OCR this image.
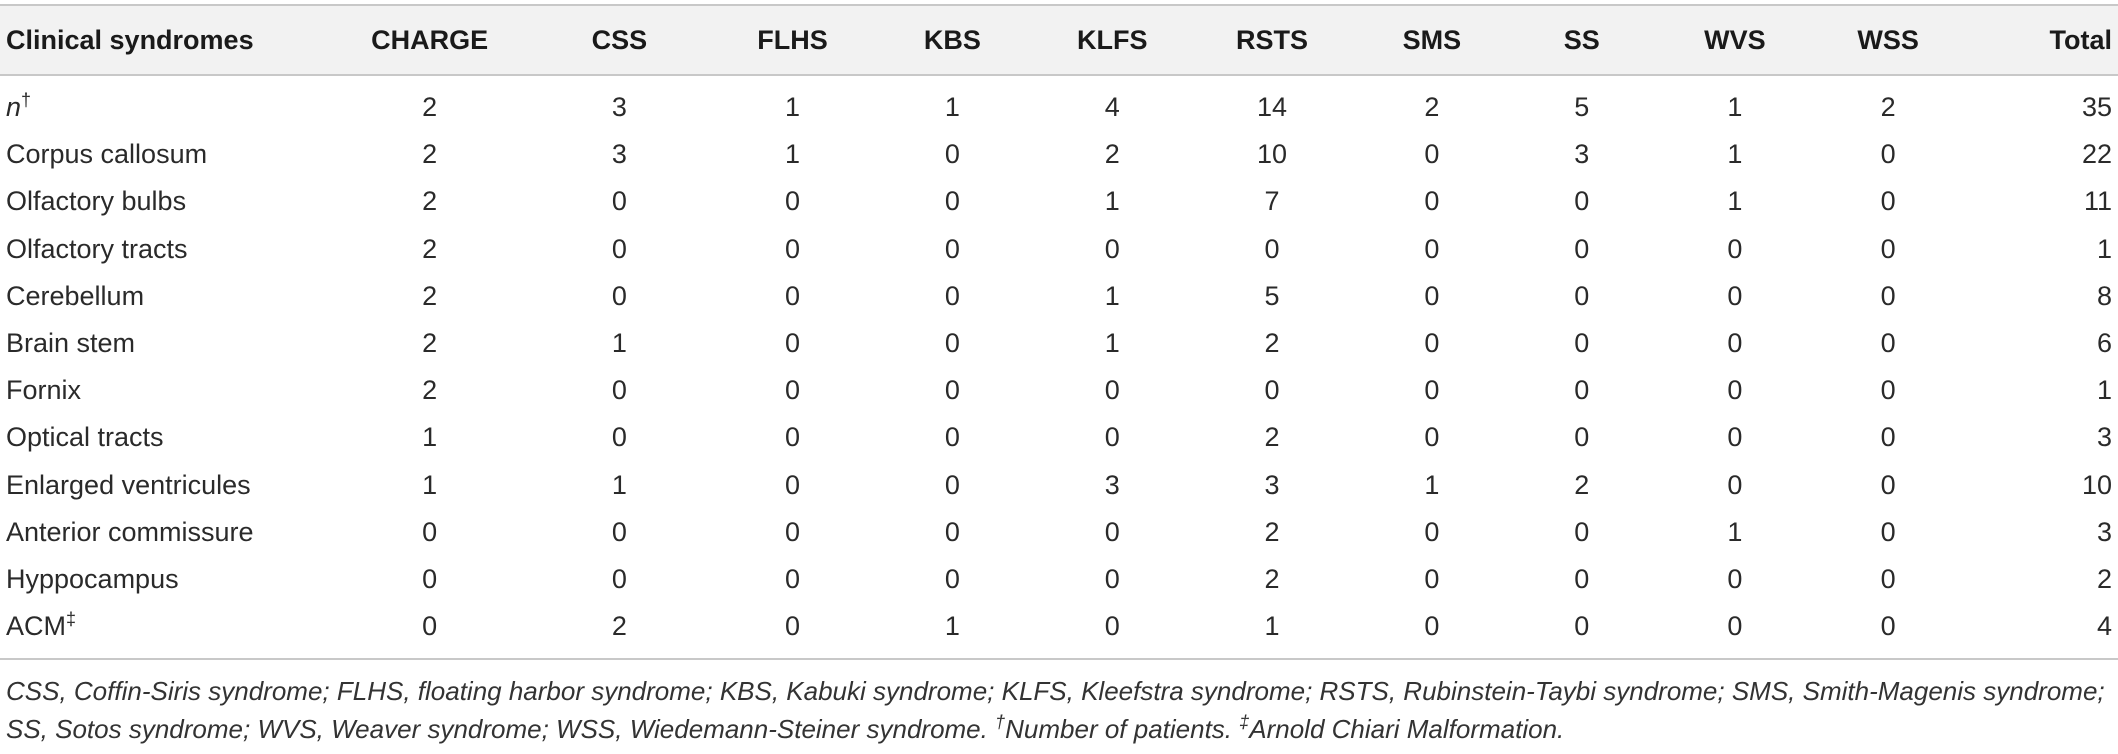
Clinical syndromes	CHARGE	CSS	FLHS	KBS	KLFS	RSTS	SMS	SS	WVS	WSS	Total
n†	2	3	1	1	4	14	2	5	1	2	35
Corpus callosum	2	3	1	0	2	10	0	3	1	0	22
Olfactory bulbs	2	0	0	0	1	7	0	0	1	0	11
Olfactory tracts	2	0	0	0	0	0	0	0	0	0	1
Cerebellum	2	0	0	0	1	5	0	0	0	0	8
Brain stem	2	1	0	0	1	2	0	0	0	0	6
Fornix	2	0	0	0	0	0	0	0	0	0	1
Optical tracts	1	0	0	0	0	2	0	0	0	0	3
Enlarged ventricules	1	1	0	0	3	3	1	2	0	0	10
Anterior commissure	0	0	0	0	0	2	0	0	1	0	3
Hyppocampus	0	0	0	0	0	2	0	0	0	0	2
ACM‡	0	2	0	1	0	1	0	0	0	0	4
CSS, Coffin-Siris syndrome; FLHS, floating harbor syndrome; KBS, Kabuki syndrome; KLFS, Kleefstra syndrome; RSTS, Rubinstein-Taybi syndrome; SMS, Smith-Magenis syndrome; SS, Sotos syndrome; WVS, Weaver syndrome; WSS, Wiedemann-Steiner syndrome. †Number of patients. ‡Arnold Chiari Malformation.
